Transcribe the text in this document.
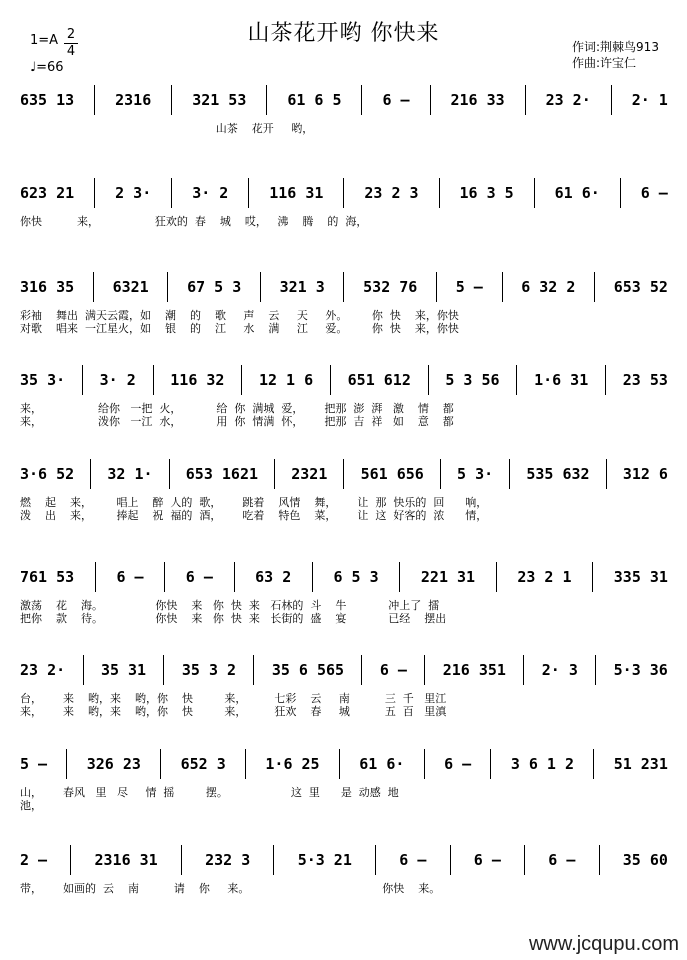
山茶花开哟 你快来
1=A 2
4
♩=66
作词:荆棘鸟913
作曲:许宝仁
635 13	2316	321 53	61 6 5	6 –	216 33	23 2·	2· 1
山茶    花开     哟，
623 21	2 3·	3· 2	116 31	23 2 3	16 3 5	61 6·	6 –
你快          来，                狂欢的  春    城    哎，   沸    腾    的  海，
316 35	6321	67 5 3	321 3	532 76	5 –	6 32 2	653 52
彩袖    舞出  满天云霞，如    潮    的    歌     声    云     天     外。       你  快    来，你快
对歌    唱来  一江星火，如    银    的    江     水    满     江     爱。       你  快    来，你快
35 3· 3· 2 116 32 12 1 6 651 612 5 3 56 1·6 31 23 53
来，                给你   一把  火，          给  你  满城  爱，      把那  澎  湃   激    情    都
来，                泼你   一江  水，          用  你  情满  怀，      把那  吉  祥   如    意    都
3·6 52 32 1· 653 1621 2321 561 656 5 3· 535 632 312 6
燃    起    来，       唱上    醉  人的  歌，      跳着    风情    舞，      让  那  快乐的  回      响，
泼    出    来，       捧起    祝  福的  酒，      吃着    特色    菜，      让  这  好客的  浓      情，
761 53	6 –	6 –	63 2	6 5 3	221 31	23 2 1	335 31
激荡    花    海。               你快    来   你  快  来   石林的  斗    牛            冲上了  擂
把你    款    待。               你快    来   你  快  来   长街的  盛    宴            已经    摆出
23 2· 35 31 35 3 2 35 6 565 6 – 216 351 2· 3 5·3 36
台，      来    哟，来    哟，你    快         来，        七彩    云     南          三  千   里江
来，      来    哟，来    哟，你    快         来，        狂欢    春     城          五  百   里滇
5 –	326 23	652 3	1·6 25	61 6·	6 –	3 6 1 2	51 231
山，      春风   里   尽     情  摇         摆。                  这  里      是  动感  地
池，
2 –	2316 31	232 3	5·3 21	6 –	6 –	6 –	35 60
带，      如画的  云    南          请    你     来。                                      你快    来。
www.jcqupu.com
